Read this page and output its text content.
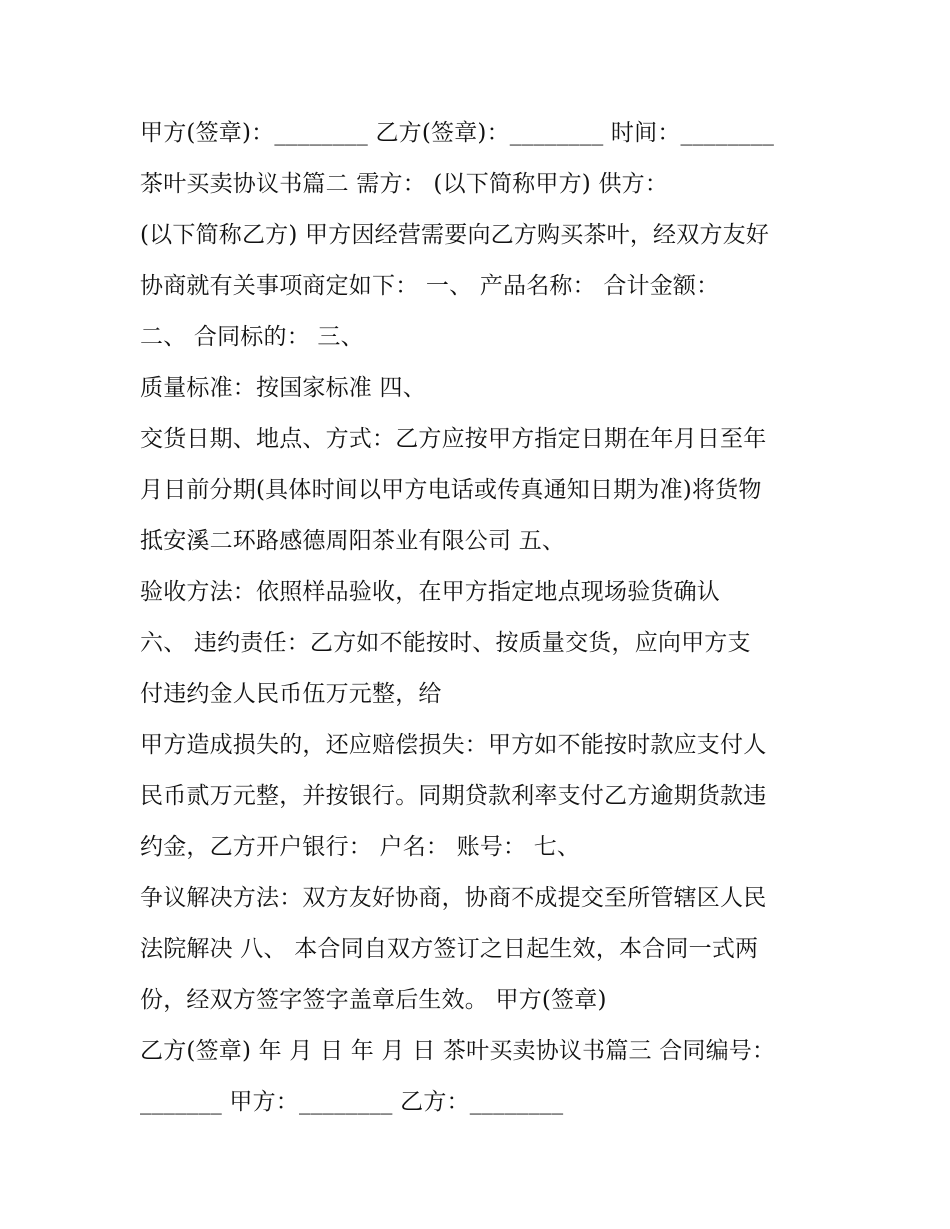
甲方(签章)：________ 乙方(签章)：________ 时间：________
茶叶买卖协议书篇二 需方： (以下简称甲方) 供方：
(以下简称乙方) 甲方因经营需要向乙方购买茶叶，经双方友好
协商就有关事项商定如下： 一、 产品名称： 合计金额：
二、 合同标的： 三、
质量标准：按国家标准 四、
交货日期、地点、方式：乙方应按甲方指定日期在年月日至年
月日前分期(具体时间以甲方电话或传真通知日期为准)将货物
抵安溪二环路感德周阳茶业有限公司 五、
验收方法：依照样品验收，在甲方指定地点现场验货确认
六、 违约责任：乙方如不能按时、按质量交货，应向甲方支
付违约金人民币伍万元整，给
甲方造成损失的，还应赔偿损失：甲方如不能按时款应支付人
民币贰万元整，并按银行。同期贷款利率支付乙方逾期货款违
约金，乙方开户银行： 户名： 账号： 七、
争议解决方法：双方友好协商，协商不成提交至所管辖区人民
法院解决 八、 本合同自双方签订之日起生效，本合同一式两
份，经双方签字签字盖章后生效。 甲方(签章)
乙方(签章) 年 月 日 年 月 日 茶叶买卖协议书篇三 合同编号：
_______ 甲方：________ 乙方：________
